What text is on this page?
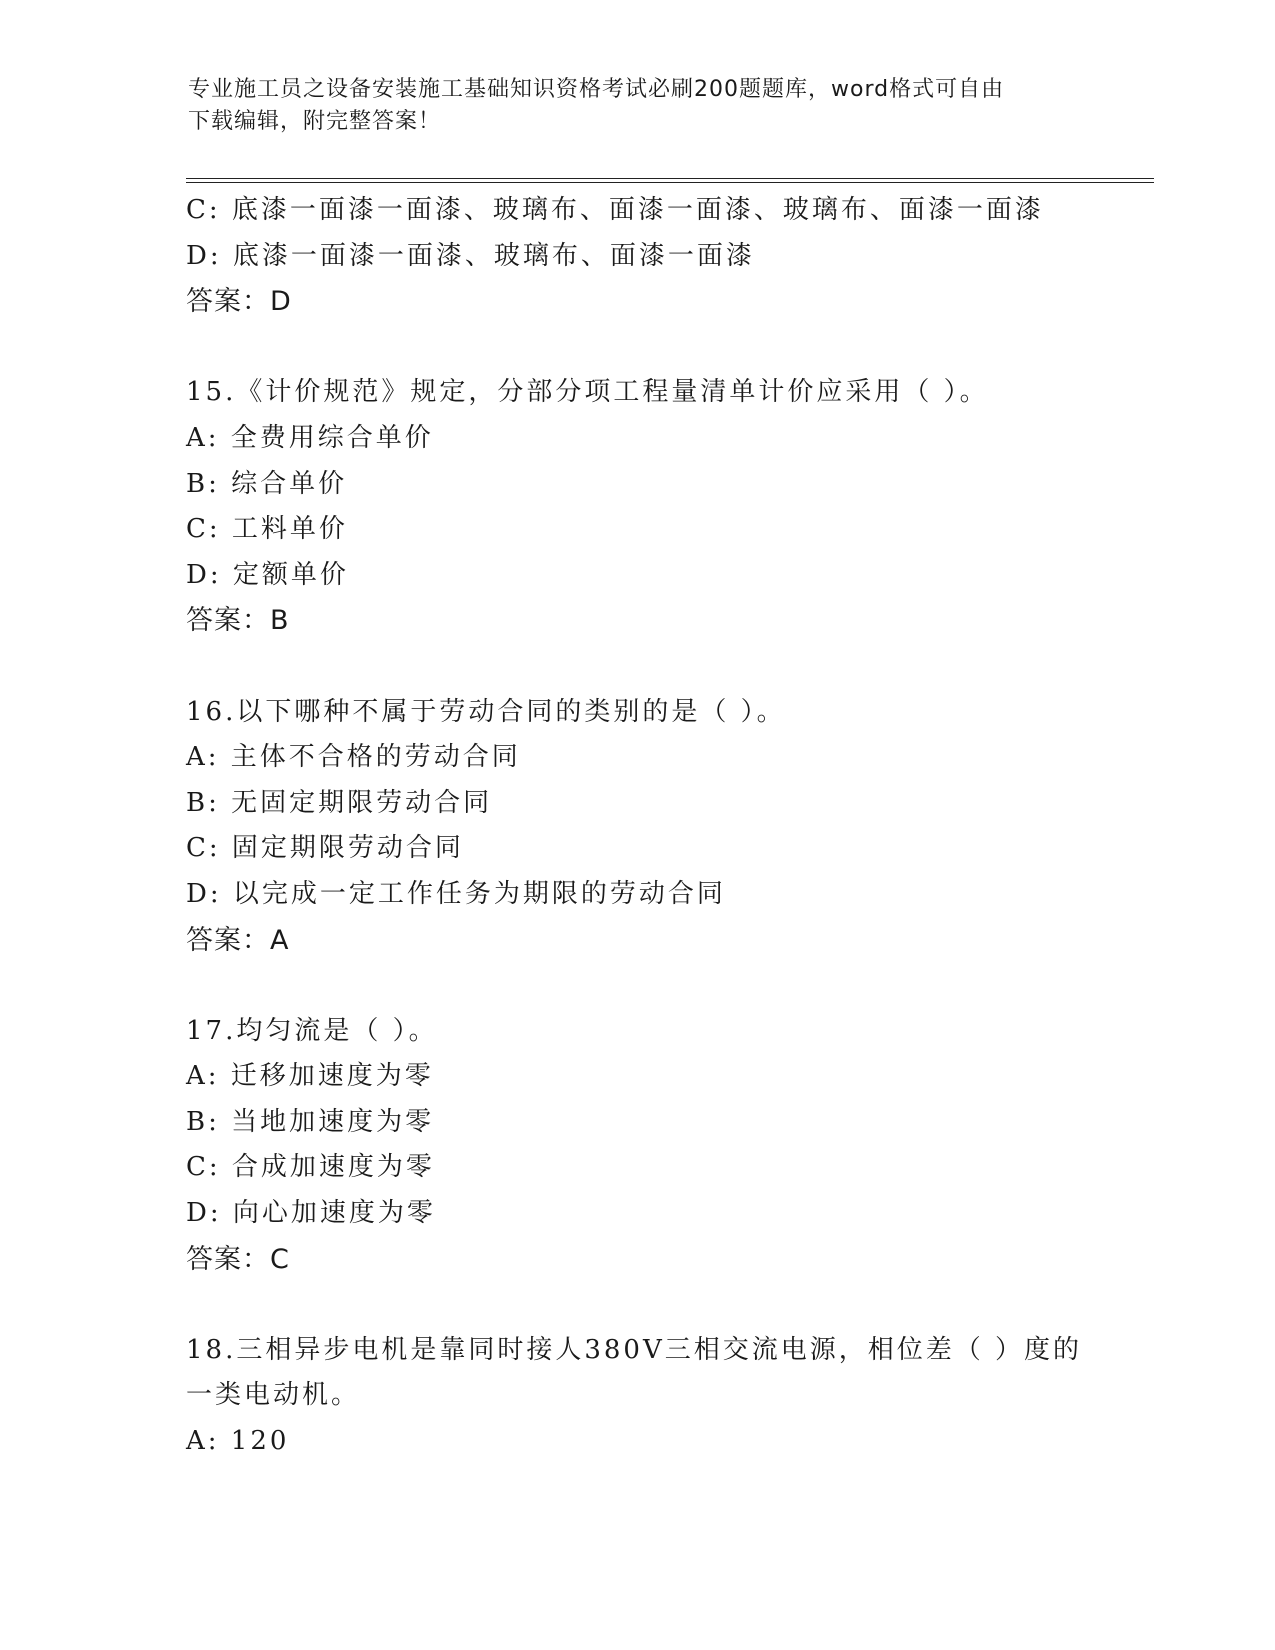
专业施工员之设备安装施工基础知识资格考试必刷200题题库，word格式可自由
下载编辑，附完整答案！
C: 底漆一面漆一面漆、玻璃布、面漆一面漆、玻璃布、面漆一面漆
D: 底漆一面漆一面漆、玻璃布、面漆一面漆
答案：D
15.《计价规范》规定，分部分项工程量清单计价应采用（ ）。
A: 全费用综合单价
B: 综合单价
C: 工料单价
D: 定额单价
答案：B
16.以下哪种不属于劳动合同的类别的是（ ）。
A: 主体不合格的劳动合同
B: 无固定期限劳动合同
C: 固定期限劳动合同
D: 以完成一定工作任务为期限的劳动合同
答案：A
17.均匀流是（ ）。
A: 迁移加速度为零
B: 当地加速度为零
C: 合成加速度为零
D: 向心加速度为零
答案：C
18.三相异步电机是靠同时接人380V三相交流电源，相位差（ ）度的
一类电动机。
A: 120
